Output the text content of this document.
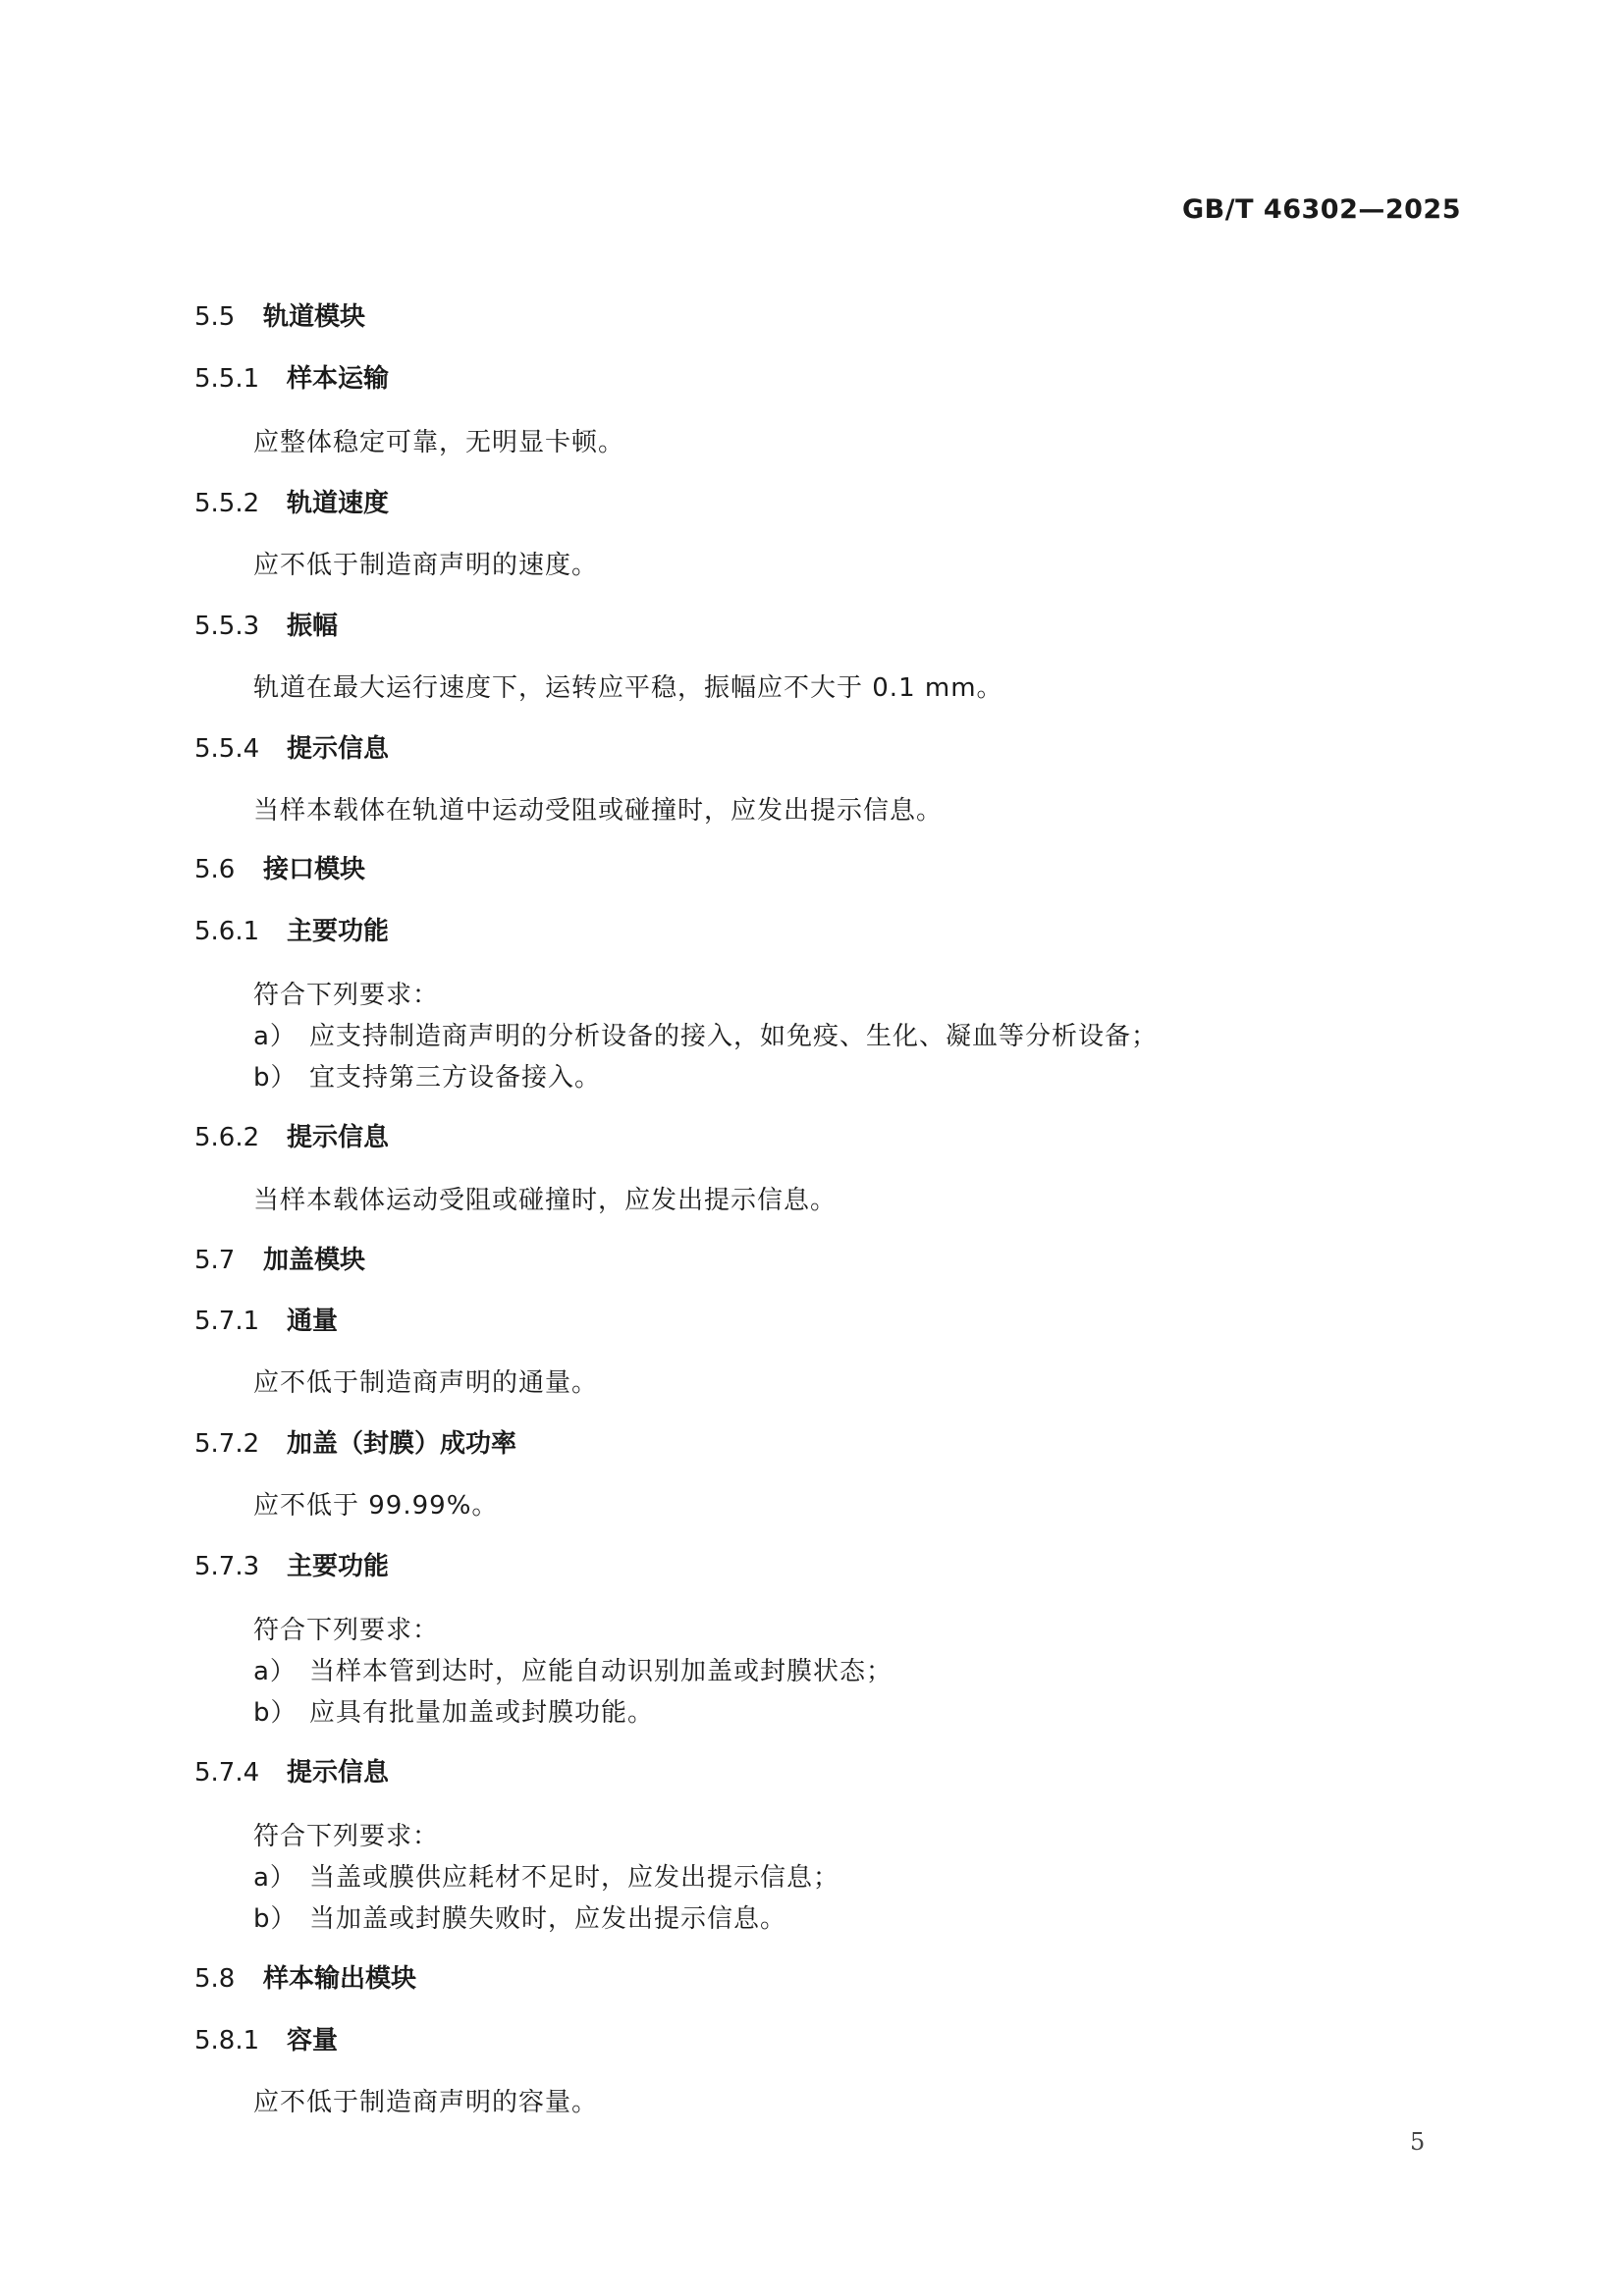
GB/T 46302—2025
5.5 轨道模块
5.5.1 样本运输
应整体稳定可靠，无明显卡顿。
5.5.2 轨道速度
应不低于制造商声明的速度。
5.5.3 振幅
轨道在最大运行速度下，运转应平稳，振幅应不大于 0.1 mm。
5.5.4 提示信息
当样本载体在轨道中运动受阻或碰撞时，应发出提示信息。
5.6 接口模块
5.6.1 主要功能
符合下列要求：
a） 应支持制造商声明的分析设备的接入，如免疫、生化、凝血等分析设备；
b） 宜支持第三方设备接入。
5.6.2 提示信息
当样本载体运动受阻或碰撞时，应发出提示信息。
5.7 加盖模块
5.7.1 通量
应不低于制造商声明的通量。
5.7.2 加盖（封膜）成功率
应不低于 99.99%。
5.7.3 主要功能
符合下列要求：
a） 当样本管到达时，应能自动识别加盖或封膜状态；
b） 应具有批量加盖或封膜功能。
5.7.4 提示信息
符合下列要求：
a） 当盖或膜供应耗材不足时，应发出提示信息；
b） 当加盖或封膜失败时，应发出提示信息。
5.8 样本输出模块
5.8.1 容量
应不低于制造商声明的容量。
5
